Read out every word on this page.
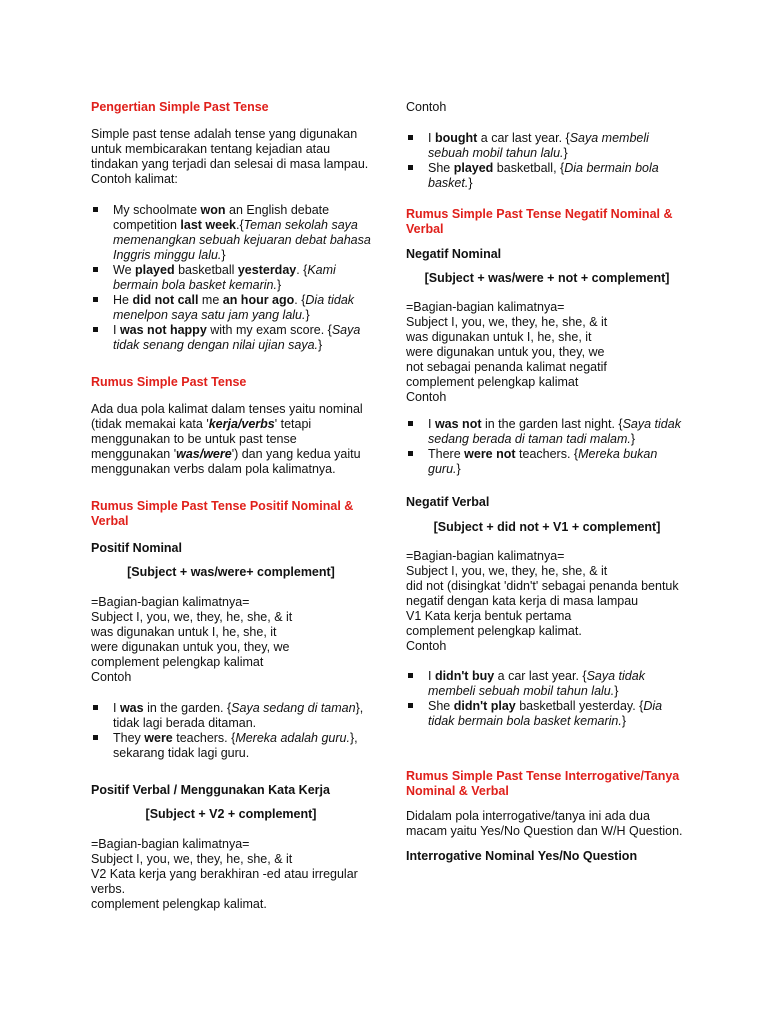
Pengertian Simple Past Tense

Simple past tense adalah tense yang digunakan untuk membicarakan tentang kejadian atau tindakan yang terjadi dan selesai di masa lampau.

Contoh kalimat:

My schoolmate won an English debate competition last week.{Teman sekolah saya memenangkan sebuah kejuaran debat bahasa Inggris minggu lalu.}
We played basketball yesterday. {Kami bermain bola basket kemarin.}
He did not call me an hour ago. {Dia tidak menelpon saya satu jam yang lalu.}
I was not happy with my exam score. {Saya tidak senang dengan nilai ujian saya.}

Rumus Simple Past Tense

Ada dua pola kalimat dalam tenses yaitu nominal (tidak memakai kata 'kerja/verbs' tetapi menggunakan to be untuk past tense menggunakan 'was/were') dan yang kedua yaitu menggunakan verbs dalam pola kalimatnya.

Rumus Simple Past Tense Positif Nominal & Verbal

Positif Nominal

[Subject + was/were+ complement]

=Bagian-bagian kalimatnya=

Subject I, you, we, they, he, she, & it

was digunakan untuk I, he, she, it

were digunakan untuk you, they, we

complement pelengkap kalimat

Contoh

I was in the garden. {Saya sedang di taman}, tidak lagi berada ditaman.
They were teachers. {Mereka adalah guru.}, sekarang tidak lagi guru.

Positif Verbal / Menggunakan Kata Kerja

[Subject + V2 + complement]

=Bagian-bagian kalimatnya=

Subject I, you, we, they, he, she, & it

V2 Kata kerja yang berakhiran -ed atau irregular verbs.

complement pelengkap kalimat.

Contoh

I bought a car last year. {Saya membeli sebuah mobil tahun lalu.}
She played basketball, {Dia bermain bola basket.}

Rumus Simple Past Tense Negatif Nominal & Verbal

Negatif Nominal

[Subject + was/were + not + complement]

=Bagian-bagian kalimatnya=

Subject I, you, we, they, he, she, & it

was digunakan untuk I, he, she, it

were digunakan untuk you, they, we

not sebagai penanda kalimat negatif

complement pelengkap kalimat

Contoh

I was not in the garden last night. {Saya tidak sedang berada di taman tadi malam.}
There were not teachers. {Mereka bukan guru.}

Negatif Verbal

[Subject + did not + V1 + complement]

=Bagian-bagian kalimatnya=

Subject I, you, we, they, he, she, & it

did not (disingkat 'didn't' sebagai penanda bentuk negatif dengan kata kerja di masa lampau

V1 Kata kerja bentuk pertama

complement pelengkap kalimat.

Contoh

I didn't buy a car last year. {Saya tidak membeli sebuah mobil tahun lalu.}
She didn't play basketball yesterday. {Dia tidak bermain bola basket kemarin.}

Rumus Simple Past Tense Interrogative/Tanya Nominal & Verbal

Didalam pola interrogative/tanya ini ada dua macam yaitu Yes/No Question dan W/H Question.

Interrogative Nominal Yes/No Question
